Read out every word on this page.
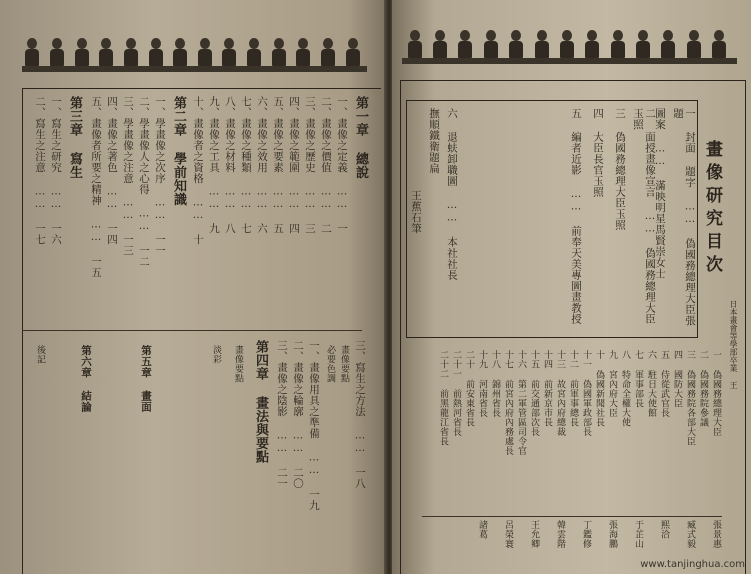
第一章 總說
一、畫像之定義 …… 一
二、畫像之價值 …… 二
三、畫像之歷史 …… 三
四、畫像之範圍 …… 四
五、畫像之要素 …… 五
六、畫像之效用 …… 六
七、畫像之種類 …… 七
八、畫像之材料 …… 八
九、畫像之工具 …… 九
十、畫像者之資格 …… 十
第二章 學前知識
一、學畫像之次序 …… 一一
二、學畫像人之心得 …… 一二
三、學畫像之注意 …… 一三
四、畫像之著色 …… 一四
五、畫像者所要之精神 …… 一五
第三章 寫生
一、寫生之研究 …… 一六
二、寫生之注意 …… 一七
三、寫生之方法 …… 一八
畫像要點
必要色調
一、畫像用具之準備 …… 一九
二、畫像之輪廓 …… 二〇
三、畫像之陰影 …… 二一
第四章 畫法與要點
畫像要點
淡彩
第五章 畫面
第六章 結論
後記
畫像研究目次
日本畫會等學部卒業 王
一 封面 題字 …… 偽國務總理大臣張題
圖案 …… 滿映明星馬賢崇女士
二 面授畫像宣言 …… 偽國務總理大臣玉照
三 偽國務總理大臣玉照
四 大臣長官玉照
五 編者近影 …… 前奉天美專圖畫教授
六 退蚨卸職圖 …… 本社社長
撫順鐵衛題扁
王蕉石筆
一 偽國務總理大臣
二 偽國務院參議
三 偽國務院各部大臣
四 國防大臣
五 侍從武官長
六 駐日大使館
七 軍事部長
八 特命全權大使
九 宮內府大臣
十 偽國新聞社長
十一 偽國軍政部長
十二 前軍事總長
十三 故宮內府總裁
十四 前新京市長
十五 前交通部次長
十六 第二軍管區司令官
十七 前宮內府內務處長
十八 錦州省長
十九 河南省長
二十 前安東省長
二十一 前熱河省長
二十二 前黑龍江省長
張景惠
臧式毅
熙洽
于芷山
張海鵬
丁鑑修
韓雲階
王允卿
呂榮寰
諸葛
www.tanjinghua.com
